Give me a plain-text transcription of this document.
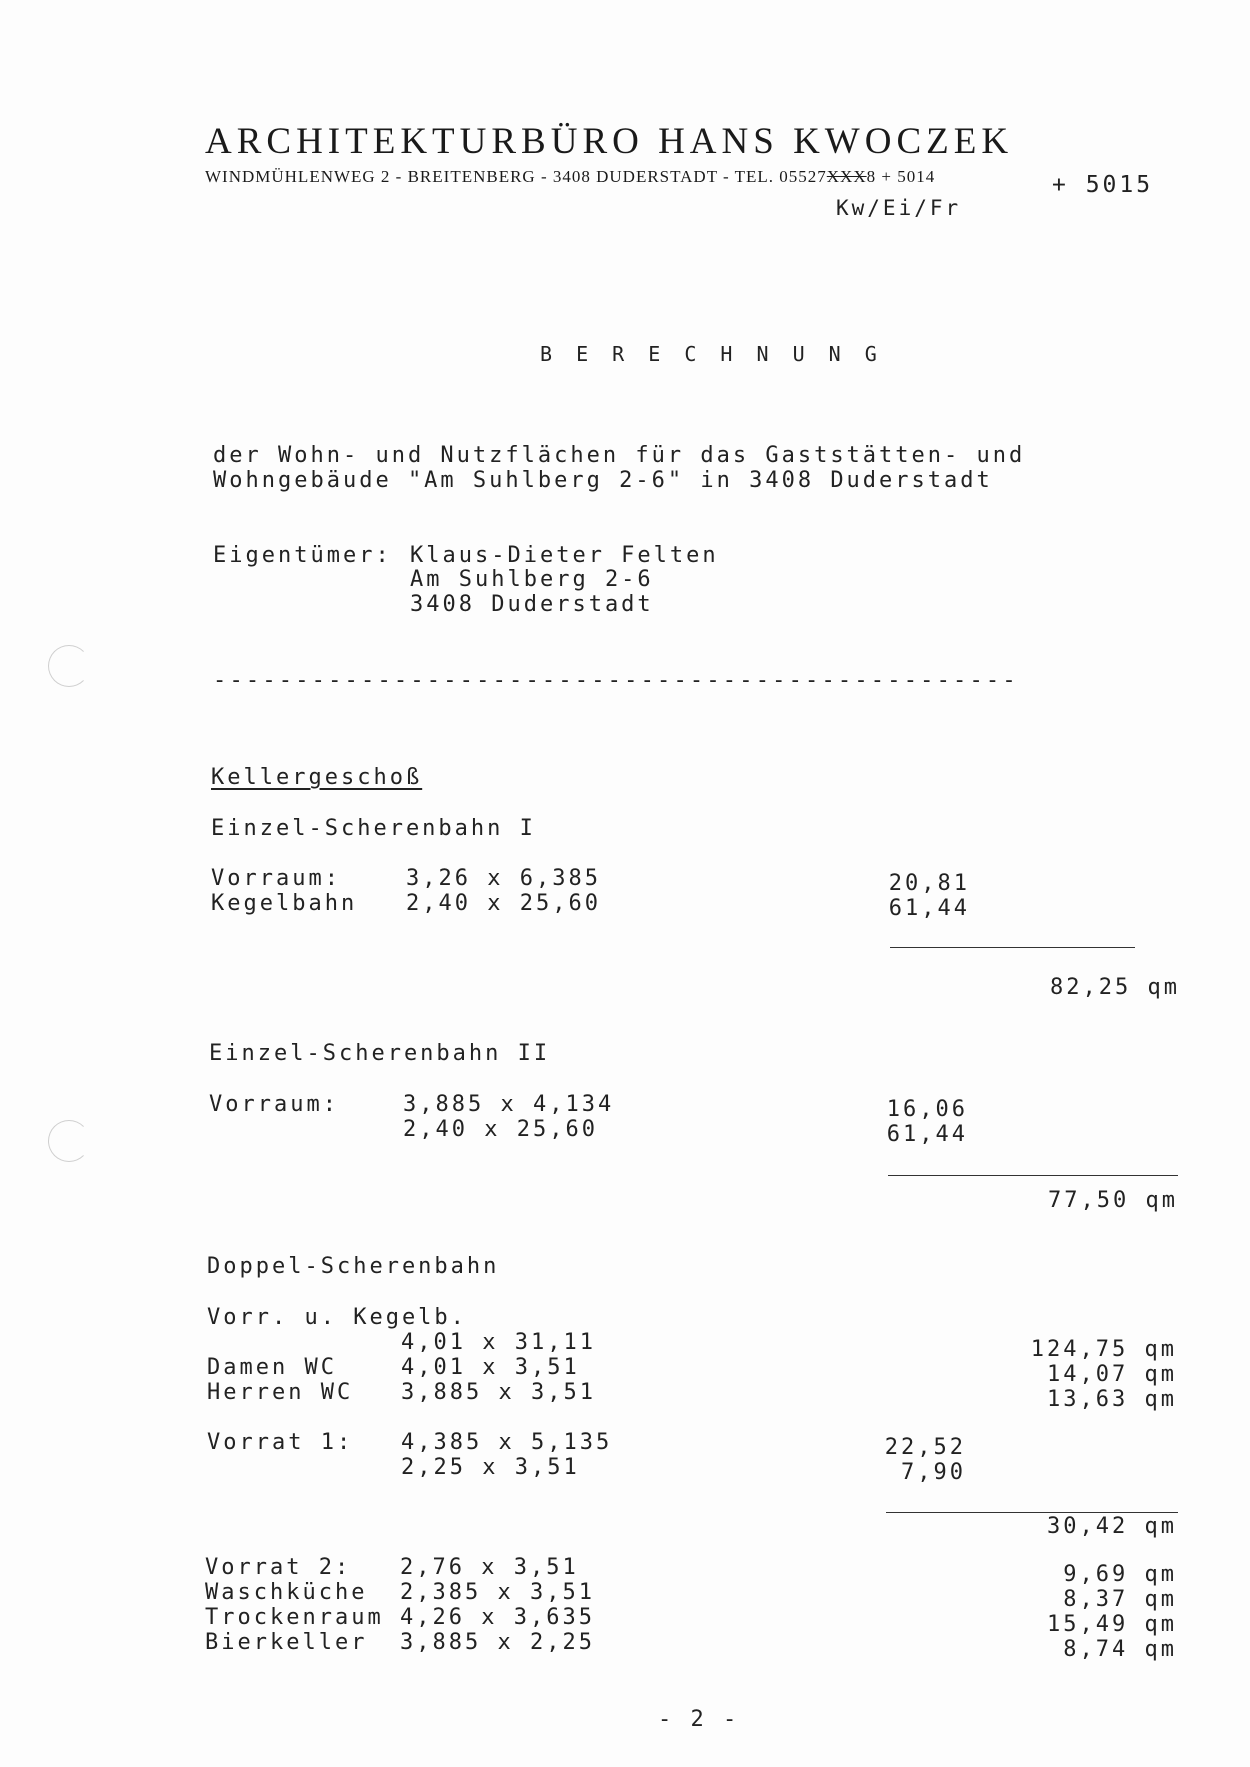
ARCHITEKTURBÜRO HANS KWOCZEK
WINDMÜHLENWEG 2 - BREITENBERG - 3408 DUDERSTADT - TEL. 05527XXX8 + 5014	+ 5015
Kw/Ei/Fr
B E R E C H N U N G
der Wohn- und Nutzflächen für das Gaststätten- und
Wohngebäude "Am Suhlberg 2-6" in 3408 Duderstadt
Eigentümer: Klaus-Dieter Felten
Am Suhlberg 2-6
3408 Duderstadt
-------------------------------------------------
Kellergeschoß
Einzel-Scherenbahn I
Vorraum:	3,26 x 6,385	20,81
Kegelbahn 2,40 x 25,60	61,44
82,25 qm
Einzel-Scherenbahn II
Vorraum:	3,885 x 4,134	16,06
2,40 x 25,60	61,44
77,50 qm
Doppel-Scherenbahn
Vorr. u. Kegelb.
4,01 x 31,11	124,75 qm
Damen WC	4,01 x 3,51	14,07 qm
Herren WC 3,885 x 3,51	13,63 qm
Vorrat 1: 4,385 x 5,135	22,52
2,25 x 3,51	7,90
30,42 qm
Vorrat 2: 2,76 x 3,51	9,69 qm
Waschküche 2,385 x 3,51	8,37 qm
Trockenraum 4,26 x 3,635	15,49 qm
Bierkeller 3,885 x 2,25	8,74 qm
- 2 -
